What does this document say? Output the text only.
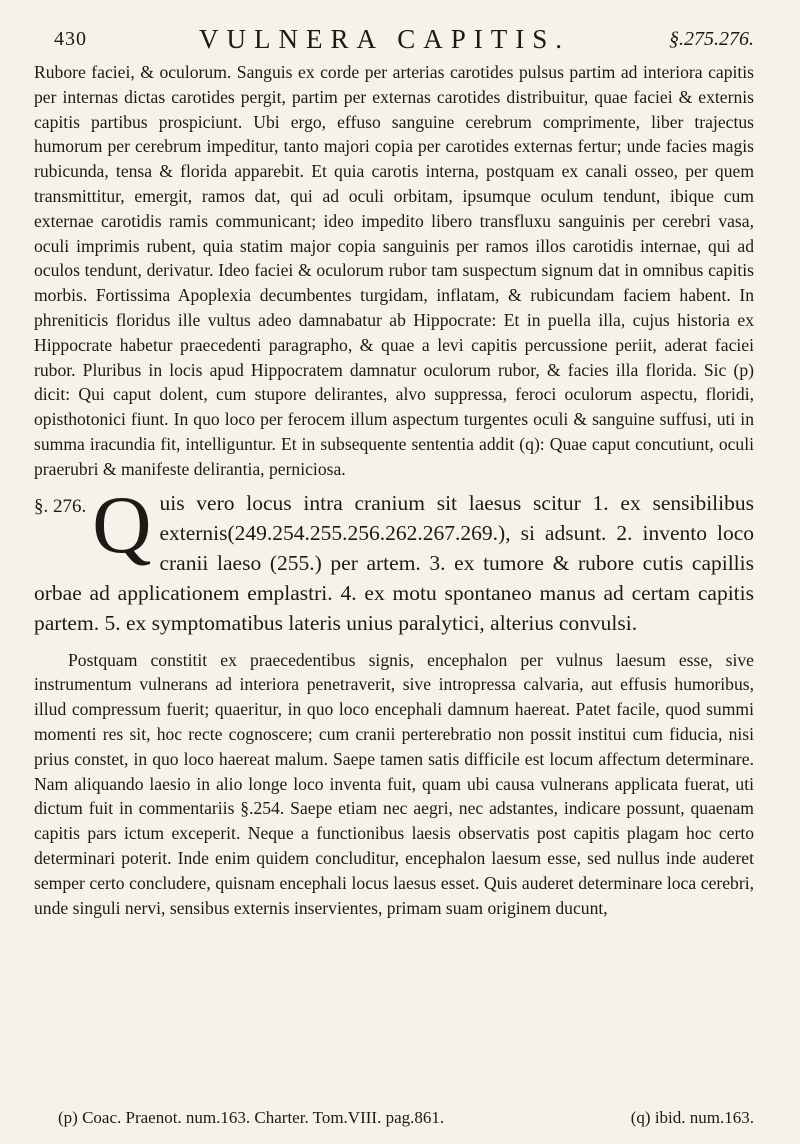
430	VULNERA CAPITIS.	§.275.276.

Rubore faciei, & oculorum. Sanguis ex corde per arterias carotides pulsus partim ad interiora capitis per internas dictas carotides pergit, partim per externas carotides distribuitur, quae faciei & externis capitis partibus prospiciunt. Ubi ergo, effuso sanguine cerebrum comprimente, liber trajectus humorum per cerebrum impeditur, tanto majori copia per carotides externas fertur; unde facies magis rubicunda, tensa & florida apparebit. Et quia carotis interna, postquam ex canali osseo, per quem transmittitur, emergit, ramos dat, qui ad oculi orbitam, ipsumque oculum tendunt, ibique cum externae carotidis ramis communicant; ideo impedito libero transfluxu sanguinis per cerebri vasa, oculi imprimis rubent, quia statim major copia sanguinis per ramos illos carotidis internae, qui ad oculos tendunt, derivatur. Ideo faciei & oculorum rubor tam suspectum signum dat in omnibus capitis morbis. Fortissima Apoplexia decumbentes turgidam, inflatam, & rubicundam faciem habent. In phreniticis floridus ille vultus adeo damnabatur ab Hippocrate: Et in puella illa, cujus historia ex Hippocrate habetur praecedenti paragrapho, & quae a levi capitis percussione periit, aderat faciei rubor. Pluribus in locis apud Hippocratem damnatur oculorum rubor, & facies illa florida. Sic (p) dicit: Qui caput dolent, cum stupore delirantes, alvo suppressa, feroci oculorum aspectu, floridi, opisthotonici fiunt. In quo loco per ferocem illum aspectum turgentes oculi & sanguine suffusi, uti in summa iracundia fit, intelliguntur. Et in subsequente sententia addit (q): Quae caput concutiunt, oculi praerubri & manifeste delirantia, perniciosa.

§. 276. Q uis vero locus intra cranium sit laesus scitur 1. ex sensibilibus externis(249.254.255.256.262.267.269.), si adsunt. 2. invento loco cranii laeso (255.) per artem. 3. ex tumore & rubore cutis capillis orbae ad applicationem emplastri. 4. ex motu spontaneo manus ad certam capitis partem. 5. ex symptomatibus lateris unius paralytici, alterius convulsi.

Postquam constitit ex praecedentibus signis, encephalon per vulnus laesum esse, sive instrumentum vulnerans ad interiora penetraverit, sive intropressa calvaria, aut effusis humoribus, illud compressum fuerit; quaeritur, in quo loco encephali damnum haereat. Patet facile, quod summi momenti res sit, hoc recte cognoscere; cum cranii perterebratio non possit institui cum fiducia, nisi prius constet, in quo loco haereat malum. Saepe tamen satis difficile est locum affectum determinare. Nam aliquando laesio in alio longe loco inventa fuit, quam ubi causa vulnerans applicata fuerat, uti dictum fuit in commentariis §.254. Saepe etiam nec aegri, nec adstantes, indicare possunt, quaenam capitis pars ictum exceperit. Neque a functionibus laesis observatis post capitis plagam hoc certo determinari poterit. Inde enim quidem concluditur, encephalon laesum esse, sed nullus inde auderet semper certo concludere, quisnam encephali locus laesus esset. Quis auderet determinare loca cerebri, unde singuli nervi, sensibus externis inservientes, primam suam originem ducunt,

(p) Coac. Praenot. num.163. Charter. Tom.VIII. pag.861.	(q) ibid. num.163.
